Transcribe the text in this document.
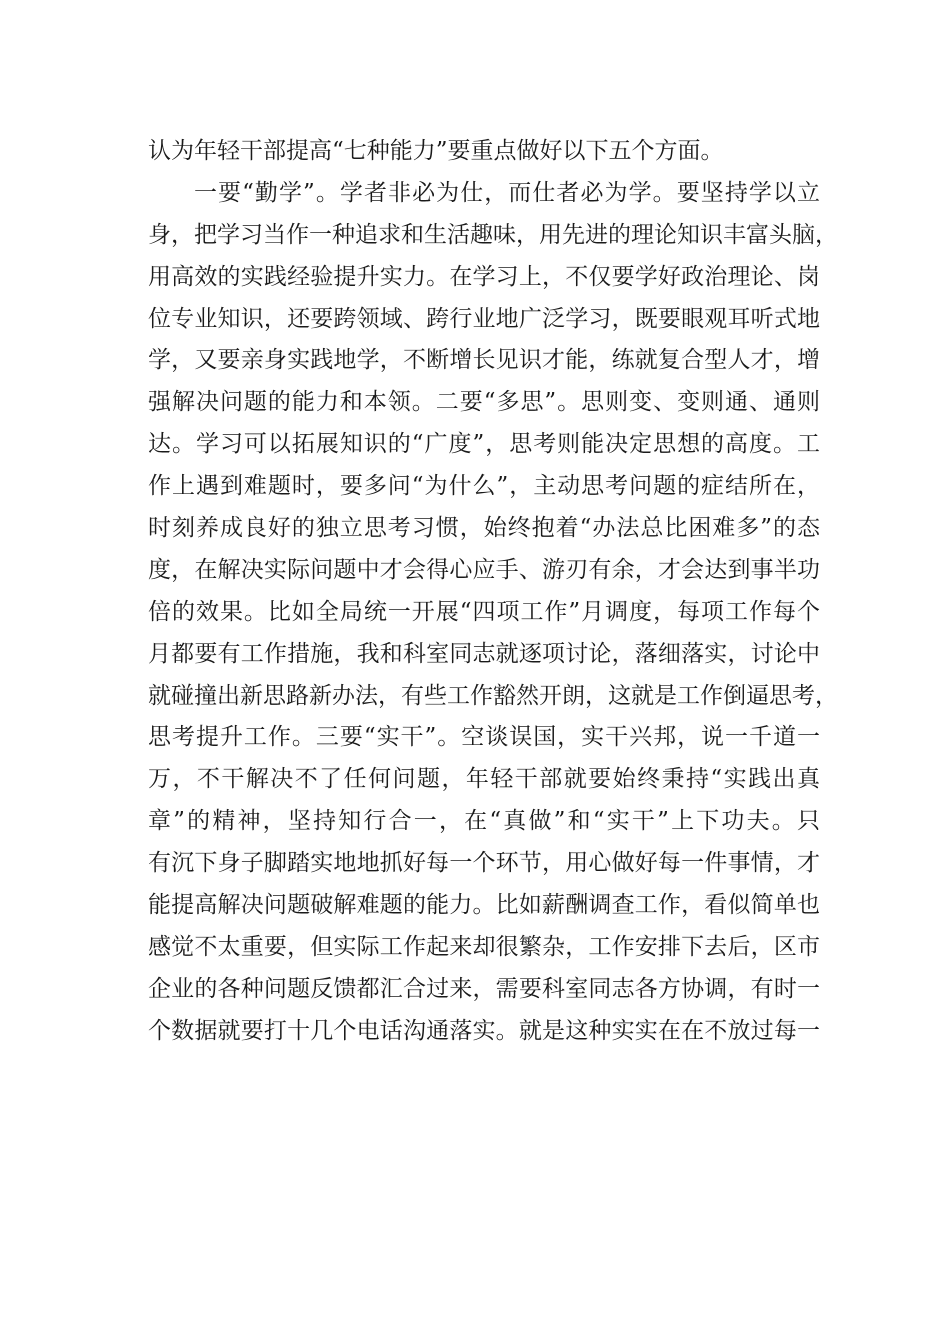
认为年轻干部提高“七种能力”要重点做好以下五个方面。
一要“勤学”。学者非必为仕，而仕者必为学。要坚持学以立
身，把学习当作一种追求和生活趣味，用先进的理论知识丰富头脑，
用高效的实践经验提升实力。在学习上，不仅要学好政治理论、岗
位专业知识，还要跨领域、跨行业地广泛学习，既要眼观耳听式地
学，又要亲身实践地学，不断增长见识才能，练就复合型人才，增
强解决问题的能力和本领。二要“多思”。思则变、变则通、通则
达。学习可以拓展知识的“广度”，思考则能决定思想的高度。工
作上遇到难题时，要多问“为什么”，主动思考问题的症结所在，
时刻养成良好的独立思考习惯，始终抱着“办法总比困难多”的态
度，在解决实际问题中才会得心应手、游刃有余，才会达到事半功
倍的效果。比如全局统一开展“四项工作”月调度，每项工作每个
月都要有工作措施，我和科室同志就逐项讨论，落细落实，讨论中
就碰撞出新思路新办法，有些工作豁然开朗，这就是工作倒逼思考，
思考提升工作。三要“实干”。空谈误国，实干兴邦，说一千道一
万，不干解决不了任何问题，年轻干部就要始终秉持“实践出真
章”的精神，坚持知行合一，在“真做”和“实干”上下功夫。只
有沉下身子脚踏实地地抓好每一个环节，用心做好每一件事情，才
能提高解决问题破解难题的能力。比如薪酬调查工作，看似简单也
感觉不太重要，但实际工作起来却很繁杂，工作安排下去后，区市
企业的各种问题反馈都汇合过来，需要科室同志各方协调，有时一
个数据就要打十几个电话沟通落实。就是这种实实在在不放过每一
